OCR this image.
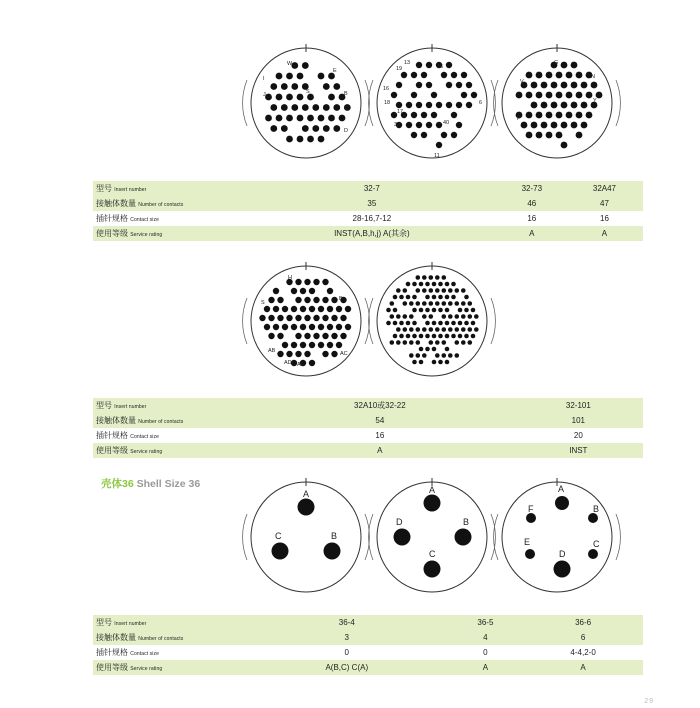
W
E
B
I
C
S
J
D
19
13
16
18
17
15
32	40
6
11
G
V
Y
N
P
H
B
S
AB
AD AF
AC
A
C	B
A
D	B
C
A
F	B
E	C
D
型号 Insert number	32-7	32-73	32A47
接触体数量 Number of contacts	35	46	47
插针规格 Contact size	28-16,7-12	16	16
使用等级 Service rating	INST(A,B,h,j) A(其余)	A	A
型号 Insert number	32A10或32-22	32-101	
接触体数量 Number of contacts	54	101	
插针规格 Contact size	16	20	
使用等级 Service rating	A	INST	
壳体36 Shell Size 36
型号 Insert number	36-4	36-5	36-6
接触体数量 Number of contacts	3	4	6
插针规格 Contact size	0	0	4-4,2-0
使用等级 Service rating	A(B,C) C(A)	A	A
29
